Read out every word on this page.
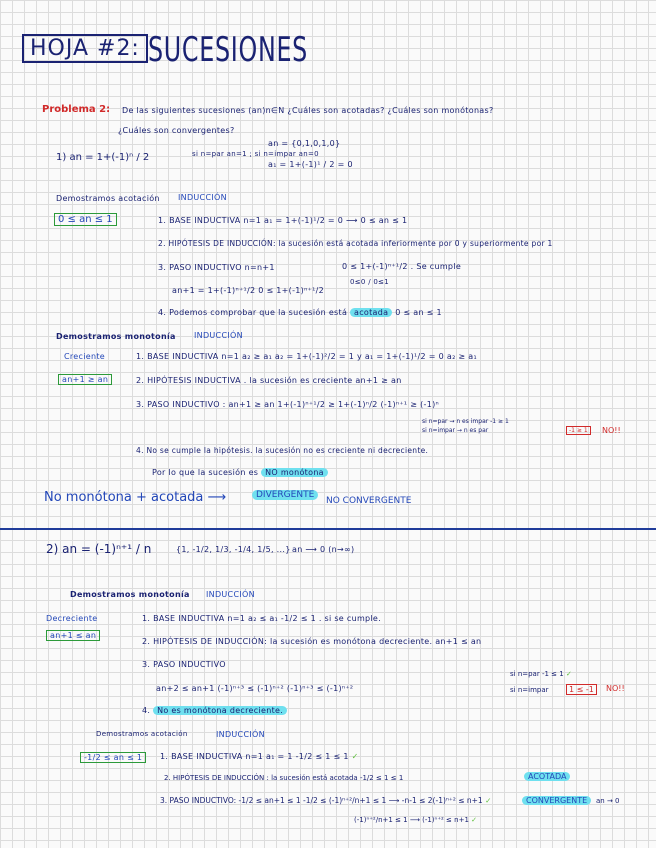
HOJA #2: SUCESIONES
Problema 2: De las siguientes sucesiones (an)n∈N ¿Cuáles son acotadas? ¿Cuáles son monótonas?
¿Cuáles son convergentes?
1) an = 1+(-1)ⁿ / 2	si n=par an=1 ; si n=impar an=0
an = {0,1,0,1,0}
a₁ = 1+(-1)¹ / 2 = 0
Demostramos acotación INDUCCIÓN
0 ≤ an ≤ 1	1. BASE INDUCTIVA n=1 a₁ = 1+(-1)¹/2 = 0 ⟶ 0 ≤ an ≤ 1
2. HIPÓTESIS DE INDUCCIÓN: la sucesión está acotada inferiormente por 0 y superiormente por 1
3. PASO INDUCTIVO n=n+1	0 ≤ 1+(-1)ⁿ⁺¹/2 . Se cumple
an+1 = 1+(-1)ⁿ⁺¹/2 0 ≤ 1+(-1)ⁿ⁺¹/2
0≤0 / 0≤1
4. Podemos comprobar que la sucesión está acotada 0 ≤ an ≤ 1
Demostramos monotonía INDUCCIÓN
Creciente
an+1 ≥ an
1. BASE INDUCTIVA n=1 a₂ ≥ a₁ a₂ = 1+(-1)²/2 = 1 y a₁ = 1+(-1)¹/2 = 0 a₂ ≥ a₁
2. HIPÓTESIS INDUCTIVA . la sucesión es creciente an+1 ≥ an
3. PASO INDUCTIVO : an+1 ≥ an 1+(-1)ⁿ⁺¹/2 ≥ 1+(-1)ⁿ/2 (-1)ⁿ⁺¹ ≥ (-1)ⁿ
si n=par → n es impar -1 ≥ 1
si n=impar → n es par	-1 ≥ 1	NO!!
4. No se cumple la hipótesis. la sucesión no es creciente ni decreciente.
Por lo que la sucesión es NO monótona
No monótona + acotada ⟶	DIVERGENTE
NO CONVERGENTE
2) an = (-1)ⁿ⁺¹ / n	{1, -1/2, 1/3, -1/4, 1/5, ...} an ⟶ 0 (n→∞)
Demostramos monotonía INDUCCIÓN
Decreciente
an+1 ≤ an
1. BASE INDUCTIVA n=1 a₂ ≤ a₁ -1/2 ≤ 1 . si se cumple.
2. HIPÓTESIS DE INDUCCIÓN: la sucesión es monótona decreciente. an+1 ≤ an
3. PASO INDUCTIVO
an+2 ≤ an+1 (-1)ⁿ⁺³ ≤ (-1)ⁿ⁺² (-1)ⁿ⁺³ ≤ (-1)ⁿ⁺²
si n=par -1 ≤ 1 ✓
si n=impar	1 ≤ -1	NO!!
4. No es monótona decreciente.
Demostramos acotación	INDUCCIÓN
-1/2 ≤ an ≤ 1	1. BASE INDUCTIVA n=1 a₁ = 1 -1/2 ≤ 1 ≤ 1 ✓
2. HIPÓTESIS DE INDUCCIÓN : la sucesión está acotada -1/2 ≤ 1 ≤ 1	ACOTADA
3. PASO INDUCTIVO: -1/2 ≤ an+1 ≤ 1 -1/2 ≤ (-1)ⁿ⁺²/n+1 ≤ 1 ⟶ -n-1 ≤ 2(-1)ⁿ⁺² ≤ n+1 ✓	CONVERGENTE	an → 0
(-1)ⁿ⁺²/n+1 ≤ 1 ⟶ (-1)ⁿ⁺² ≤ n+1 ✓
